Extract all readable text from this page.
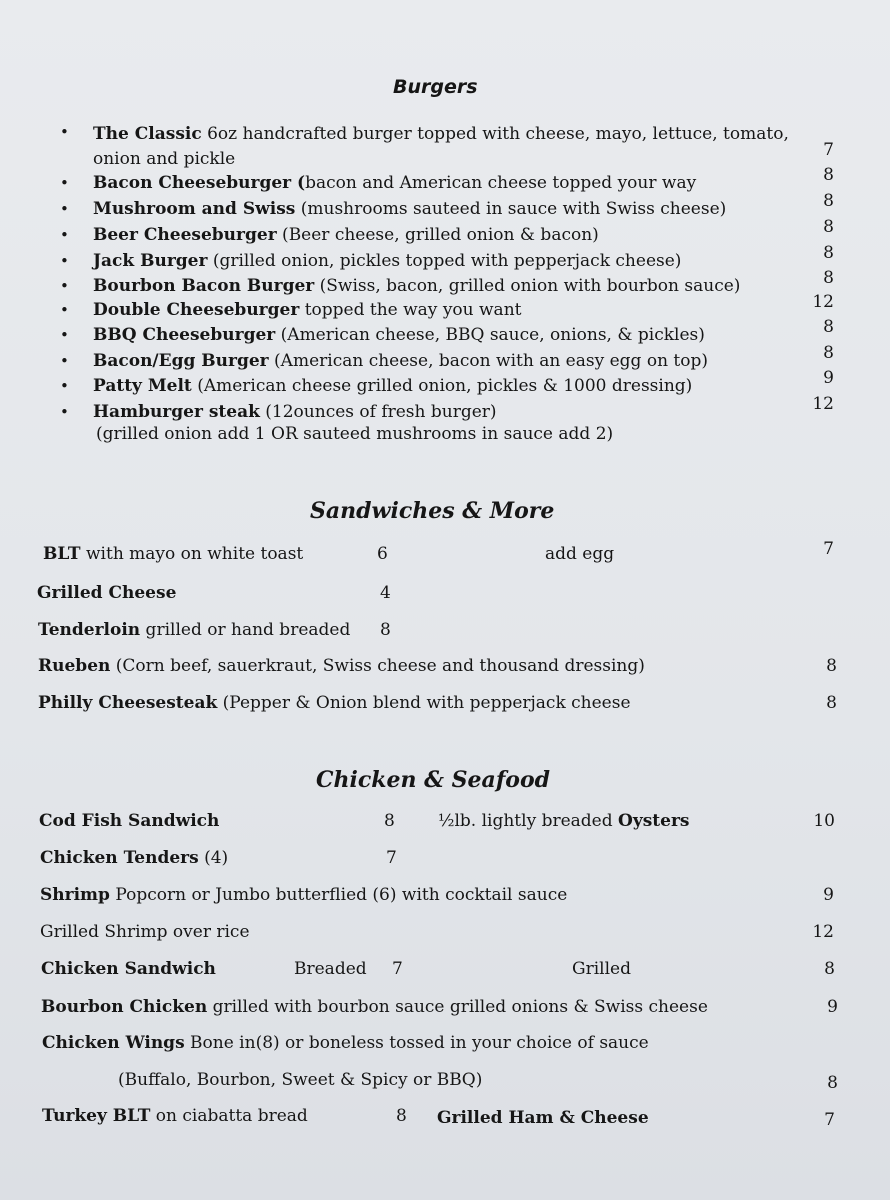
Burgers
• The Classic 6oz handcrafted burger topped with cheese, mayo, lettuce, tomato,
onion and pickle	7
• Bacon Cheeseburger (bacon and American cheese topped your way	8
• Mushroom and Swiss (mushrooms sauteed in sauce with Swiss cheese)	8
• Beer Cheeseburger (Beer cheese, grilled onion & bacon)	8
• Jack Burger (grilled onion, pickles topped with pepperjack cheese)	8
• Bourbon Bacon Burger (Swiss, bacon, grilled onion with bourbon sauce)	8
• Double Cheeseburger topped the way you want	12
• BBQ Cheeseburger (American cheese, BBQ sauce, onions, & pickles)	8
• Bacon/Egg Burger (American cheese, bacon with an easy egg on top)	8
• Patty Melt (American cheese grilled onion, pickles & 1000 dressing)	9
• Hamburger steak (12ounces of fresh burger)
(grilled onion add 1 OR sauteed mushrooms in sauce add 2)
12
Sandwiches & More
BLT with mayo on white toast	6	add egg	7
Grilled Cheese	4
Tenderloin grilled or hand breaded 8
Rueben (Corn beef, sauerkraut, Swiss cheese and thousand dressing)	8
Philly Cheesesteak (Pepper & Onion blend with pepperjack cheese	8
Chicken & Seafood
Cod Fish Sandwich	8	½lb. lightly breaded Oysters	10
Chicken Tenders (4)	7
Shrimp Popcorn or Jumbo butterflied (6) with cocktail sauce	9
Grilled Shrimp over rice	12
Chicken Sandwich	Breaded 7	Grilled	8
Bourbon Chicken grilled with bourbon sauce grilled onions & Swiss cheese	9
Chicken Wings Bone in(8) or boneless tossed in your choice of sauce
(Buffalo, Bourbon, Sweet & Spicy or BBQ)	8
Turkey BLT on ciabatta bread	8 Grilled Ham & Cheese	7
